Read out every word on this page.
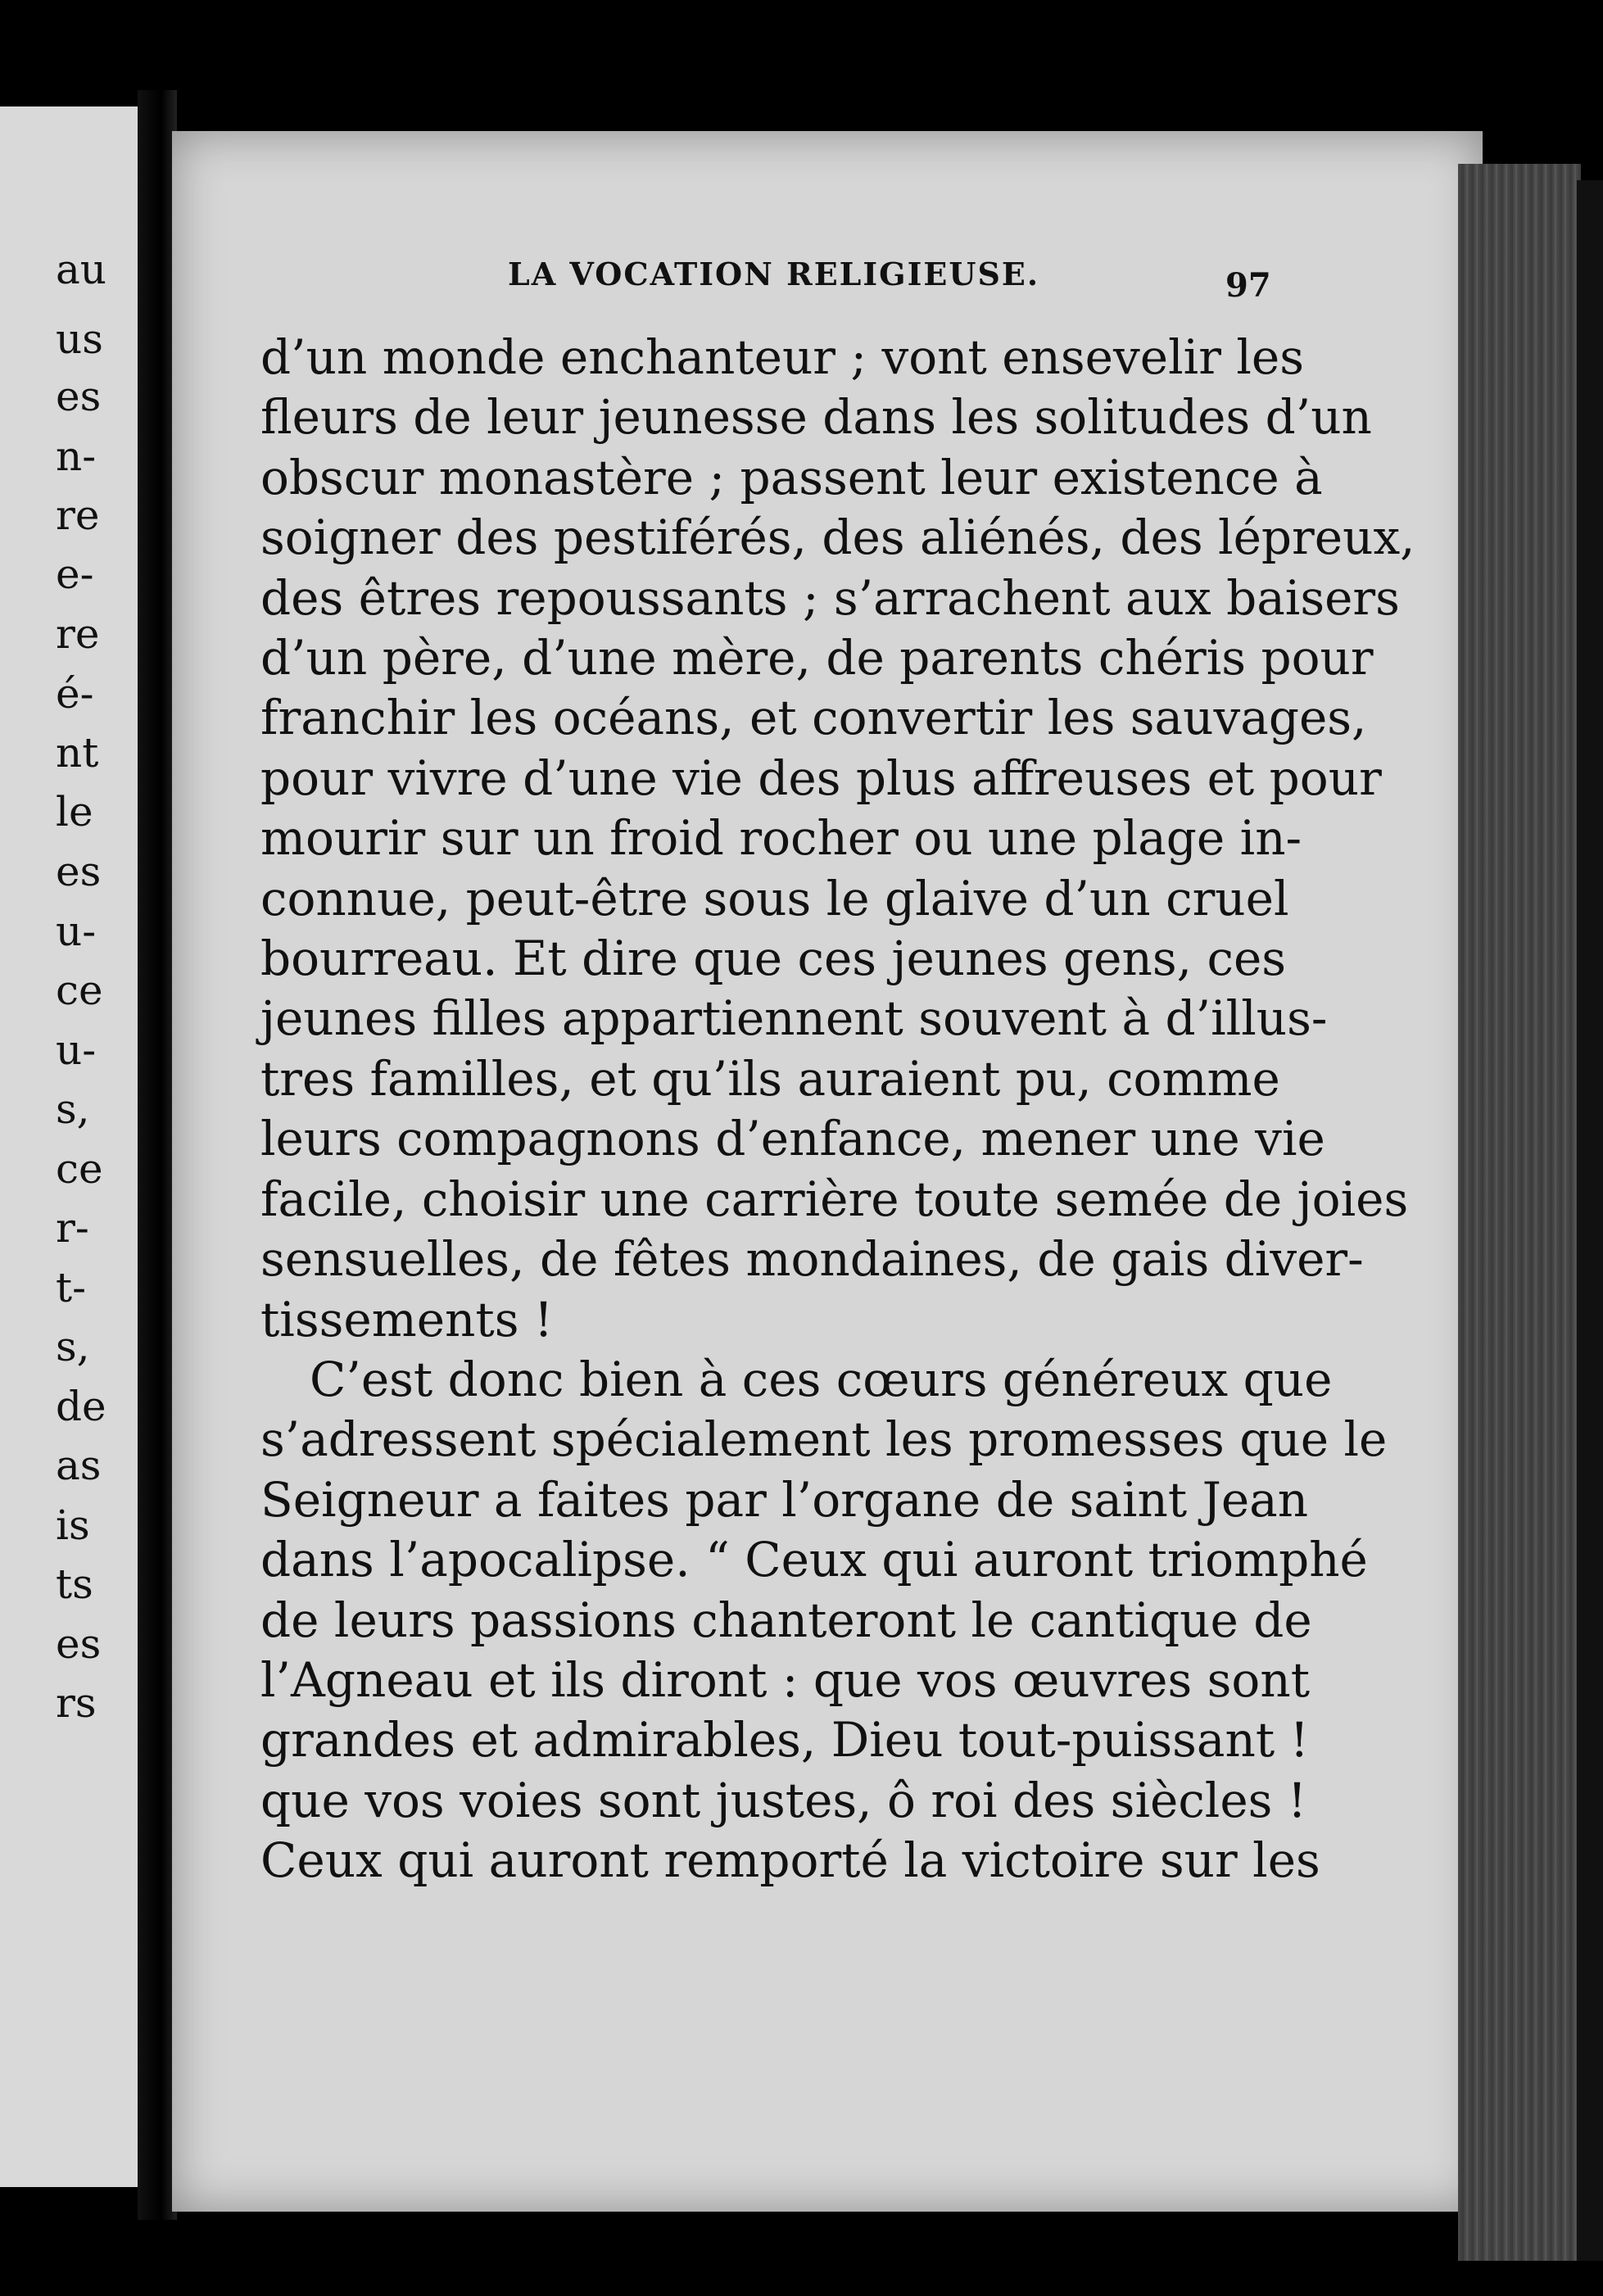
au
us
es
n-
re
e-
re
é-
nt
le
es
u-
ce
u-
s,
ce
r-
t-
s,
de
as
is
ts
es
rs
LA VOCATION RELIGIEUSE.	97
d’un monde enchanteur ; vont ensevelir les
fleurs de leur jeunesse dans les solitudes d’un
obscur monastère ; passent leur existence à
soigner des pestiférés, des aliénés, des lépreux,
des êtres repoussants ; s’arrachent aux baisers
d’un père, d’une mère, de parents chéris pour
franchir les océans, et convertir les sauvages,
pour vivre d’une vie des plus affreuses et pour
mourir sur un froid rocher ou une plage in-
connue, peut-être sous le glaive d’un cruel
bourreau. Et dire que ces jeunes gens, ces
jeunes filles appartiennent souvent à d’illus-
tres familles, et qu’ils auraient pu, comme
leurs compagnons d’enfance, mener une vie
facile, choisir une carrière toute semée de joies
sensuelles, de fêtes mondaines, de gais diver-
tissements !
C’est donc bien à ces cœurs généreux que
s’adressent spécialement les promesses que le
Seigneur a faites par l’organe de saint Jean
dans l’apocalipse. “ Ceux qui auront triomphé
de leurs passions chanteront le cantique de
l’Agneau et ils diront : que vos œuvres sont
grandes et admirables, Dieu tout-puissant !
que vos voies sont justes, ô roi des siècles !
Ceux qui auront remporté la victoire sur les
